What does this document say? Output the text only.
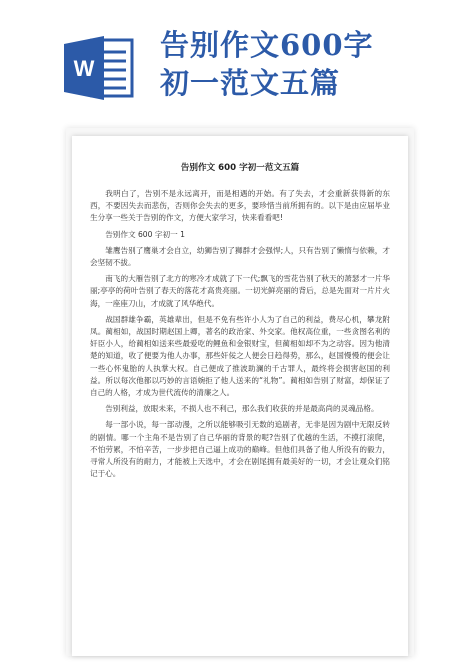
W
告别作文600字
初一范文五篇
告别作文 600 字初一范文五篇

我明白了，告别不是永远离开，而是相遇的开始。有了失去，才会重新获得新的东西，不要因失去而悲伤，否则你会失去的更多，要珍惜当前所拥有的。以下是由应届毕业生分享一些关于告别的作文，方便大家学习，快来看看吧!

告别作文 600 字初一 1

雏鹰告别了鹰巢才会自立，幼狮告别了狮群才会强悍;人，只有告别了懒惰与依赖，才会坚韧不拔。

南飞的大雁告别了北方的寒冷才成就了下一代;飘飞的雪花告别了秋天的萧瑟才一片华丽;亭亭的荷叶告别了春天的落花才高贵亮丽。一切光鲜亮丽的背后，总是先面对一片片火海，一座座刀山，才成就了风华绝代。

战国群雄争霸，英雄辈出，但是不免有些许小人为了自己的利益，费尽心机，攀龙附凤。蔺相如，战国时期赵国上卿，著名的政治家、外交家。他权高位重，一些贪图名利的奸臣小人，给蔺相如送来些最爱吃的鲤鱼和金银财宝，但蔺相如却不为之动容。因为他清楚的知道，收了便要为他人办事，那些奸佞之人便会日趋得势，那么，赵国慢慢的便会让一些心怀鬼胎的人执掌大权。自己便成了推波助澜的千古罪人，最终将会损害赵国的利益。所以每次他都以巧妙的言语婉拒了他人送来的“礼物”。蔺相如告别了财富，却保证了自己的人格，才成为世代流传的清廉之人。

告别利益，放眼未来，不损人也不利己，那么我们收获的并是最高尚的灵魂品格。

每一部小说，每一部动漫，之所以能够吸引无数的追剧者，无非是因为剧中无限反转的剧情。哪一个主角不是告别了自己华丽的背景的呢?告别了优越的生活，不摸打滚爬，不怕劳累，不怕辛苦，一步步把自己逼上成功的巅峰。但他们具备了他人所没有的毅力，寻常人所没有的耐力，才能被上天选中，才会在剧尾拥有最美好的一切，才会让观众们铭记于心。
